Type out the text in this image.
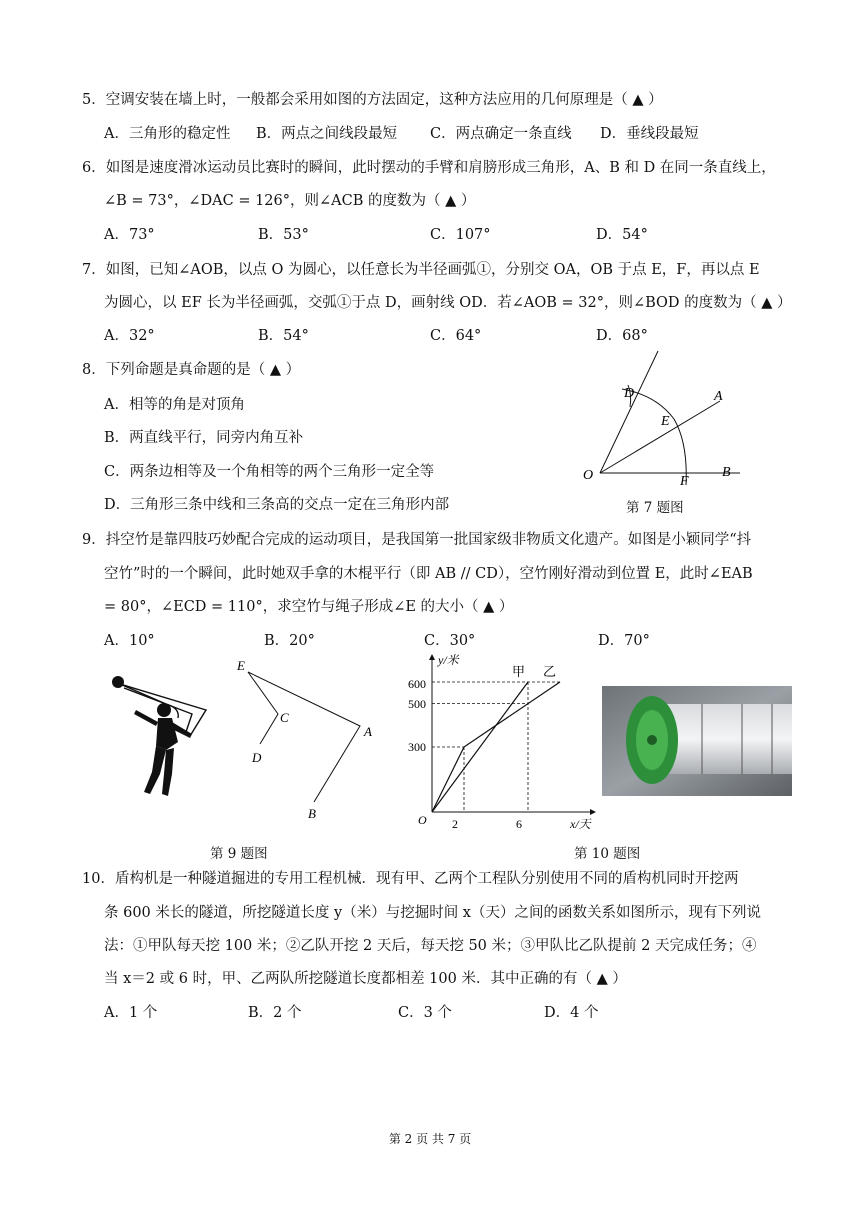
5．空调安装在墙上时，一般都会采用如图的方法固定，这种方法应用的几何原理是（ ▲ ）
A．三角形的稳定性 B．两点之间线段最短 C．两点确定一条直线 D．垂线段最短
6．如图是速度滑冰运动员比赛时的瞬间，此时摆动的手臂和肩膀形成三角形，A、B 和 D 在同一条直线上，
∠B = 73°，∠DAC = 126°，则∠ACB 的度数为（ ▲ ）
A．73°	B．53°	C．107°	D．54°
7．如图，已知∠AOB，以点 O 为圆心，以任意长为半径画弧①，分别交 OA，OB 于点 E，F，再以点 E
为圆心，以 EF 长为半径画弧，交弧①于点 D，画射线 OD．若∠AOB = 32°，则∠BOD 的度数为（ ▲ ）
A．32°	B．54°	C．64°	D．68°
8．下列命题是真命题的是（ ▲ ）
A．相等的角是对顶角
B．两直线平行，同旁内角互补
C．两条边相等及一个角相等的两个三角形一定全等
D．三角形三条中线和三条高的交点一定在三角形内部
D
E
A
O	F
B
第 7 题图
9．抖空竹是靠四肢巧妙配合完成的运动项目，是我国第一批国家级非物质文化遗产。如图是小颖同学“抖
空竹”时的一个瞬间，此时她双手拿的木棍平行（即 AB // CD），空竹刚好滑动到位置 E，此时∠EAB
= 80°，∠ECD = 110°，求空竹与绳子形成∠E 的大小（ ▲ ）
A．10°	B．20°	C．30°	D．70°
E
C
A
D
B
第 9 题图
y/米
x/天
O
600
500
300
2	6
甲 乙
第 10 题图
10．盾构机是一种隧道掘进的专用工程机械．现有甲、乙两个工程队分别使用不同的盾构机同时开挖两
条 600 米长的隧道，所挖隧道长度 y（米）与挖掘时间 x（天）之间的函数关系如图所示，现有下列说
法：①甲队每天挖 100 米；②乙队开挖 2 天后，每天挖 50 米；③甲队比乙队提前 2 天完成任务；④
当 x＝2 或 6 时，甲、乙两队所挖隧道长度都相差 100 米．其中正确的有（ ▲ ）
A．1 个	B．2 个	C．3 个	D．4 个
第 2 页 共 7 页
